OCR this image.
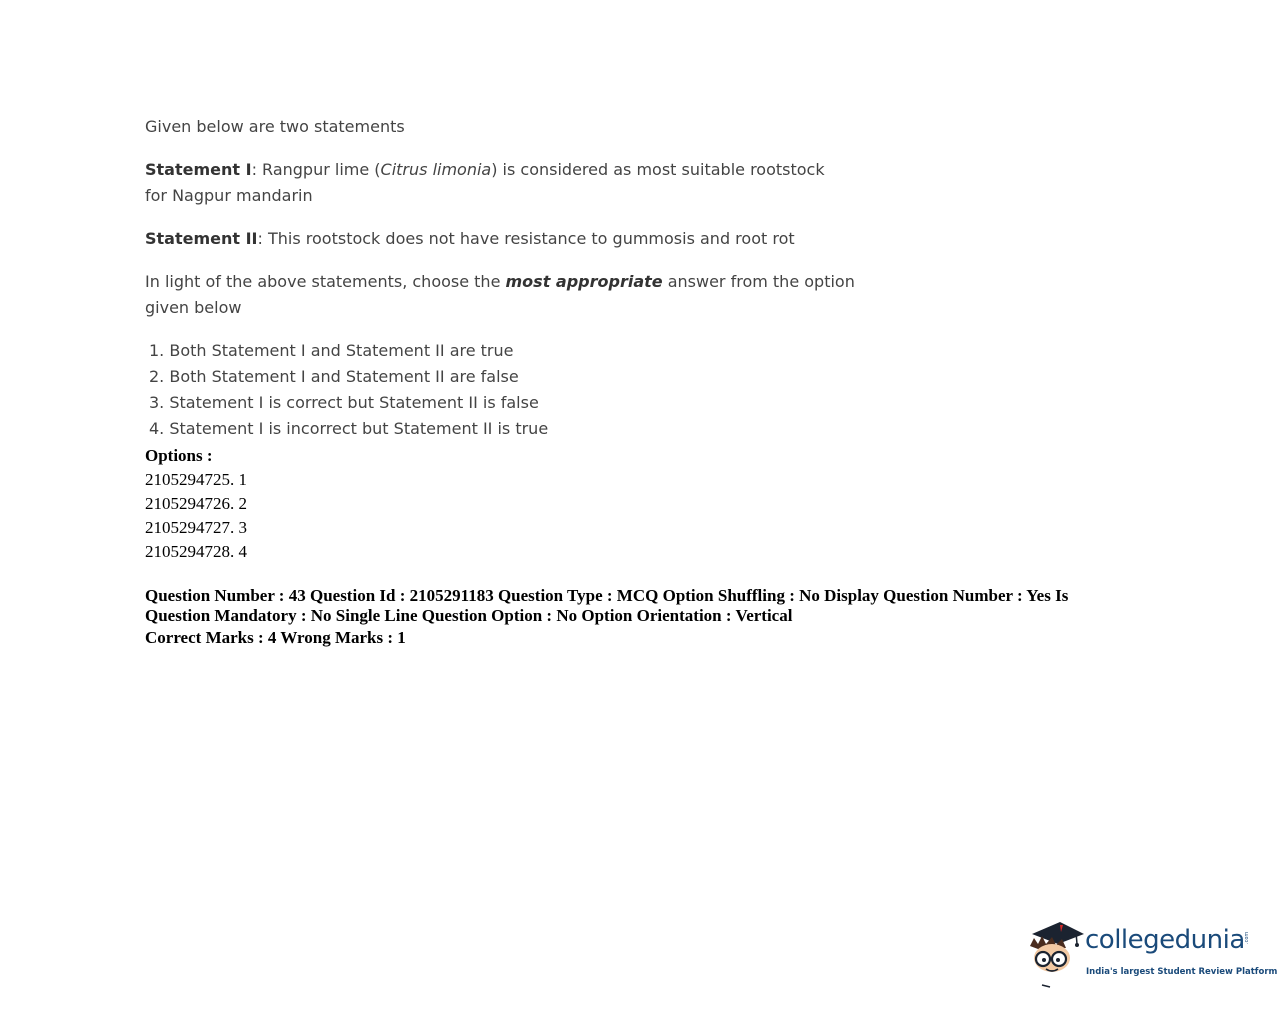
Given below are two statements

Statement I: Rangpur lime (Citrus limonia) is considered as most suitable rootstock for Nagpur mandarin

Statement II: This rootstock does not have resistance to gummosis and root rot

In light of the above statements, choose the most appropriate answer from the option given below

1. Both Statement I and Statement II are true
2. Both Statement I and Statement II are false
3. Statement I is correct but Statement II is false
4. Statement I is incorrect but Statement II is true
Options :
2105294725. 1
2105294726. 2
2105294727. 3
2105294728. 4
Question Number : 43 Question Id : 2105291183 Question Type : MCQ Option Shuffling : No Display Question Number : Yes Is Question Mandatory : No Single Line Question Option : No Option Orientation : Vertical
Correct Marks : 4 Wrong Marks : 1
collegedunia .com
India's largest Student Review Platform
